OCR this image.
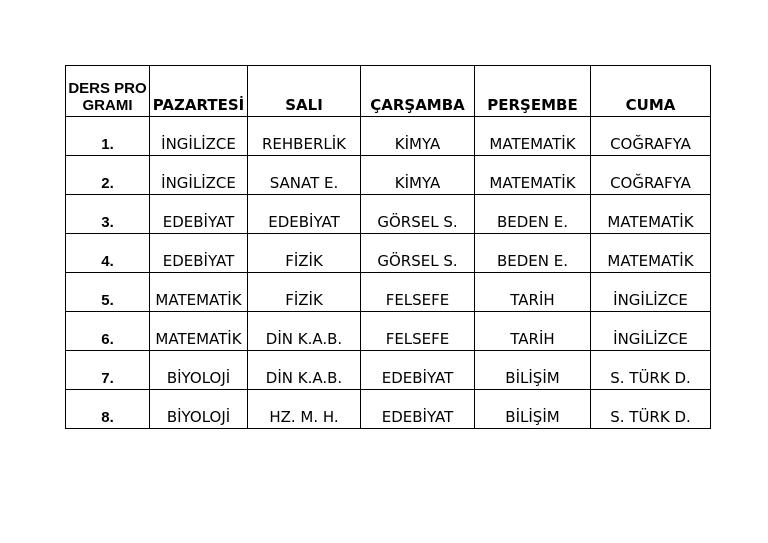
DERS PROGRAMI	PAZARTESİ	SALI	ÇARŞAMBA	PERŞEMBE	CUMA
1.	İNGİLİZCE	REHBERLİK	KİMYA	MATEMATİK	COĞRAFYA
2.	İNGİLİZCE	SANAT E.	KİMYA	MATEMATİK	COĞRAFYA
3.	EDEBİYAT	EDEBİYAT	GÖRSEL S.	BEDEN E.	MATEMATİK
4.	EDEBİYAT	FİZİK	GÖRSEL S.	BEDEN E.	MATEMATİK
5.	MATEMATİK	FİZİK	FELSEFE	TARİH	İNGİLİZCE
6.	MATEMATİK	DİN K.A.B.	FELSEFE	TARİH	İNGİLİZCE
7.	BİYOLOJİ	DİN K.A.B.	EDEBİYAT	BİLİŞİM	S. TÜRK D.
8.	BİYOLOJİ	HZ. M. H.	EDEBİYAT	BİLİŞİM	S. TÜRK D.
